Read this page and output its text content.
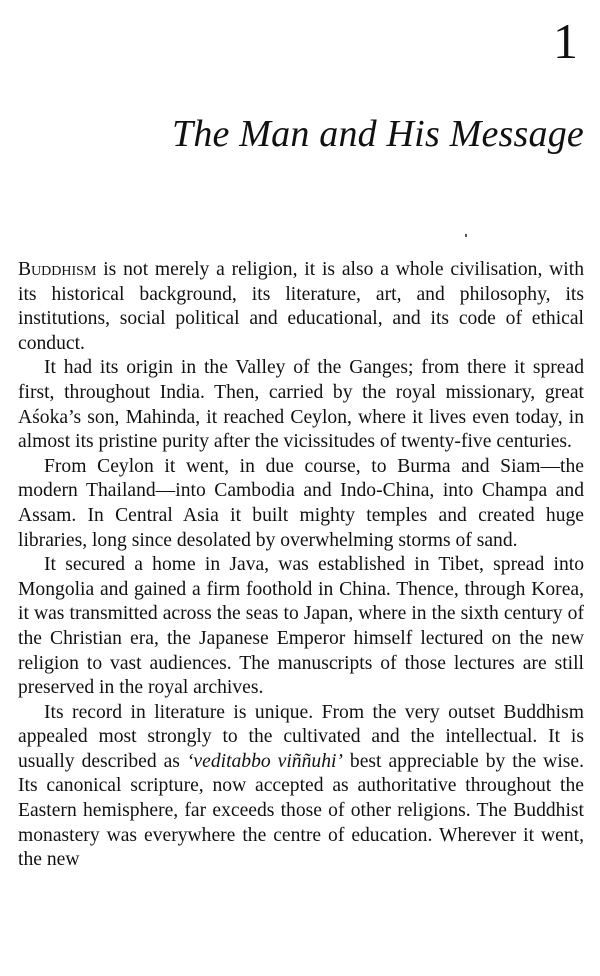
1
The Man and His Message

Buddhism is not merely a religion, it is also a whole civilisation, with its historical background, its literature, art, and philosophy, its institutions, social political and educational, and its code of ethical conduct.

It had its origin in the Valley of the Ganges; from there it spread first, throughout India. Then, carried by the royal missionary, great Aśoka’s son, Mahinda, it reached Ceylon, where it lives even today, in almost its pristine purity after the vicissitudes of twenty-five centuries.

From Ceylon it went, in due course, to Burma and Siam—the modern Thailand—into Cambodia and Indo-China, into Champa and Assam. In Central Asia it built mighty temples and created huge libraries, long since desolated by overwhelming storms of sand.

It secured a home in Java, was established in Tibet, spread into Mongolia and gained a firm foothold in China. Thence, through Korea, it was transmitted across the seas to Japan, where in the sixth century of the Christian era, the Japanese Emperor himself lectured on the new religion to vast audiences. The manuscripts of those lectures are still preserved in the royal archives.

Its record in literature is unique. From the very outset Buddhism appealed most strongly to the cultivated and the intellectual. It is usually described as ‘veditabbo viññuhi’ best appreciable by the wise. Its canonical scripture, now accepted as authoritative throughout the Eastern hemisphere, far exceeds those of other religions. The Buddhist monastery was everywhere the centre of education. Wherever it went, the new
